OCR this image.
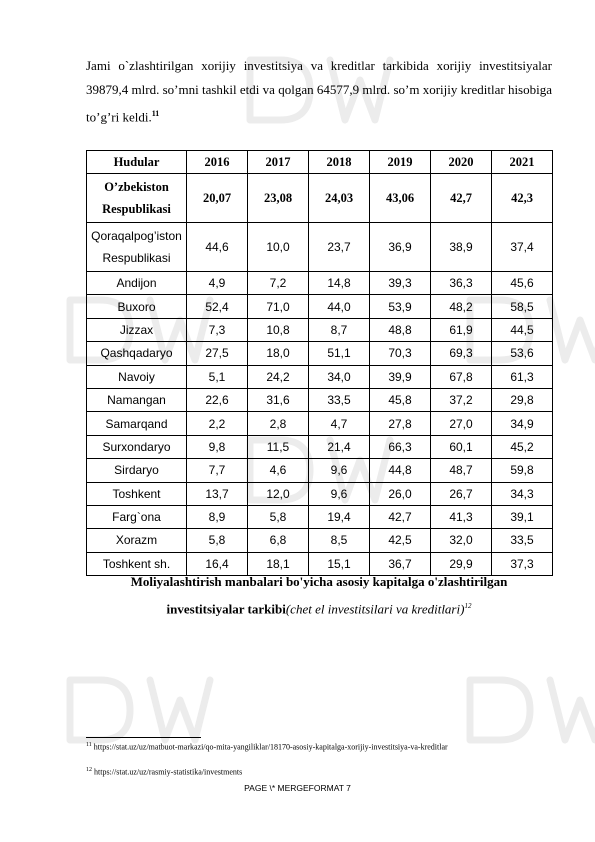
Jami o`zlashtirilgan xorijiy investitsiya va kreditlar tarkibida xorijiy investitsiyalar 39879,4 mlrd. so’mni tashkil etdi va qolgan 64577,9 mlrd. so’m xorijiy kreditlar hisobiga to’g’ri keldi.$^{11}$
Hudular	2016	2017	2018	2019	2020	2021
O’zbekiston Respublikasi	20,07	23,08	24,03	43,06	42,7	42,3
Qoraqalpog’iston Respublikasi	44,6	10,0	23,7	36,9	38,9	37,4
Andijon	4,9	7,2	14,8	39,3	36,3	45,6
Buxoro	52,4	71,0	44,0	53,9	48,2	58,5
Jizzax	7,3	10,8	8,7	48,8	61,9	44,5
Qashqadaryo	27,5	18,0	51,1	70,3	69,3	53,6
Navoiy	5,1	24,2	34,0	39,9	67,8	61,3
Namangan	22,6	31,6	33,5	45,8	37,2	29,8
Samarqand	2,2	2,8	4,7	27,8	27,0	34,9
Surxondaryo	9,8	11,5	21,4	66,3	60,1	45,2
Sirdaryo	7,7	4,6	9,6	44,8	48,7	59,8
Toshkent	13,7	12,0	9,6	26,0	26,7	34,3
Farg`ona	8,9	5,8	19,4	42,7	41,3	39,1
Xorazm	5,8	6,8	8,5	42,5	32,0	33,5
Toshkent sh.	16,4	18,1	15,1	36,7	29,9	37,3
Moliyalashtirish manbalari bo'yicha asosiy kapitalga o'zlashtirilgan
investitsiyalar tarkibi(chet el investitsilari va kreditlari)$^{12}$
$^{11}$ https://stat.uz/uz/matbuot-markazi/qo-mita-yangiliklar/18170-asosiy-kapitalga-xorijiy-investitsiya-va-kreditlar
$^{12}$ https://stat.uz/uz/rasmiy-statistika/investments
PAGE \* MERGEFORMAT 7
